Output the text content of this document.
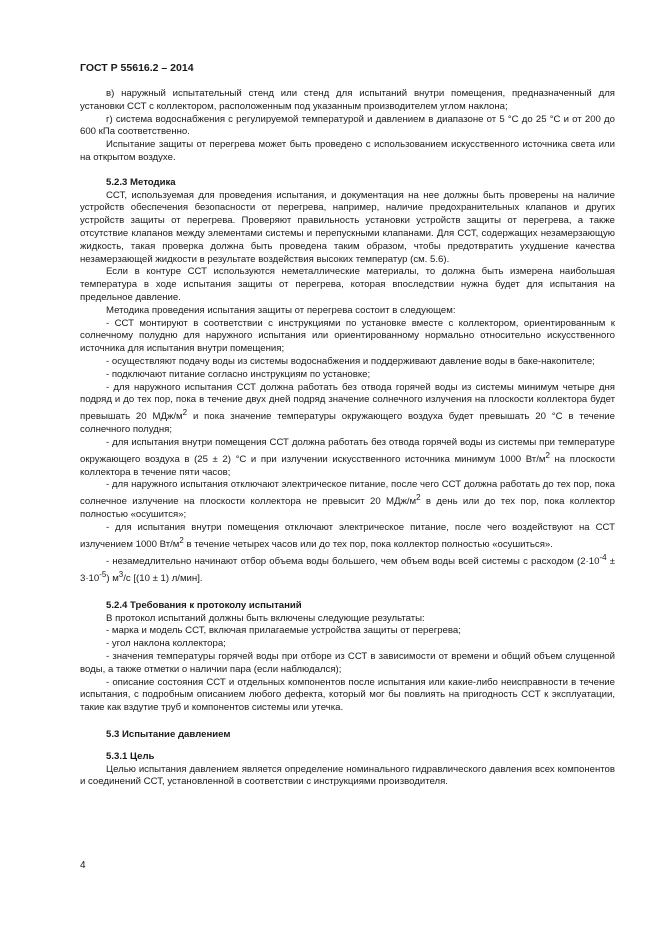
ГОСТ Р 55616.2 – 2014

в) наружный испытательный стенд или стенд для испытаний внутри помещения, предназначенный для установки ССТ с коллектором, расположенным под указанным производителем углом наклона;

г) система водоснабжения с регулируемой температурой и давлением в диапазоне от 5 °С до 25 °С и от 200 до 600 кПа соответственно.

Испытание защиты от перегрева может быть проведено с использованием искусственного источника света или на открытом воздухе.

5.2.3 Методика

ССТ, используемая для проведения испытания, и документация на нее должны быть проверены на наличие устройств обеспечения безопасности от перегрева, например, наличие предохранительных клапанов и других устройств защиты от перегрева. Проверяют правильность установки устройств защиты от перегрева, а также отсутствие клапанов между элементами системы и перепускными клапанами. Для ССТ, содержащих незамерзающую жидкость, такая проверка должна быть проведена таким образом, чтобы предотвратить ухудшение качества незамерзающей жидкости в результате воздействия высоких температур (см. 5.6).

Если в контуре ССТ используются неметаллические материалы, то должна быть измерена наибольшая температура в ходе испытания защиты от перегрева, которая впоследствии нужна будет для испытания на предельное давление.

Методика проведения испытания защиты от перегрева состоит в следующем:

- ССТ монтируют в соответствии с инструкциями по установке вместе с коллектором, ориентированным к солнечному полудню для наружного испытания или ориентированному нормально относительно искусственного источника для испытания внутри помещения;

- осуществляют подачу воды из системы водоснабжения и поддерживают давление воды в баке-накопителе;

- подключают питание согласно инструкциям по установке;

- для наружного испытания ССТ должна работать без отвода горячей воды из системы минимум четыре дня подряд и до тех пор, пока в течение двух дней подряд значение солнечного излучения на плоскости коллектора будет превышать 20 МДж/$м^2$ и пока значение температуры окружающего воздуха будет превышать 20 °С в течение солнечного полудня;

- для испытания внутри помещения ССТ должна работать без отвода горячей воды из системы при температуре окружающего воздуха в (25 ± 2) °С и при излучении искусственного источника минимум 1000 $Вт/м^2$ на плоскости коллектора в течение пяти часов;

- для наружного испытания отключают электрическое питание, после чего ССТ должна работать до тех пор, пока солнечное излучение на плоскости коллектора не превысит 20 МДж/$м^2$ в день или до тех пор, пока коллектор полностью «осушится»;

- для испытания внутри помещения отключают электрическое питание, после чего воздействуют на ССТ излучением 1000 $Вт/м^2$ в течение четырех часов или до тех пор, пока коллектор полностью «осушиться».

- незамедлительно начинают отбор объема воды большего, чем объем воды всей системы с расходом $(2\cdot 10^{-4} \pm 3\cdot 10^{-5})$ $м^3/с$ [(10 ± 1) л/мин].

5.2.4 Требования к протоколу испытаний

В протокол испытаний должны быть включены следующие результаты:

- марка и модель ССТ, включая прилагаемые устройства защиты от перегрева;

- угол наклона коллектора;

- значения температуры горячей воды при отборе из ССТ в зависимости от времени и общий объем слущенной воды, а также отметки о наличии пара (если наблюдался);

- описание состояния ССТ и отдельных компонентов после испытания или какие-либо неисправности в течение испытания, с подробным описанием любого дефекта, который мог бы повлиять на пригодность ССТ к эксплуатации, такие как вздутие труб и компонентов системы или утечка.

5.3 Испытание давлением
5.3.1 Цель

Целью испытания давлением является определение номинального гидравлического давления всех компонентов и соединений ССТ, установленной в соответствии с инструкциями производителя.

4
